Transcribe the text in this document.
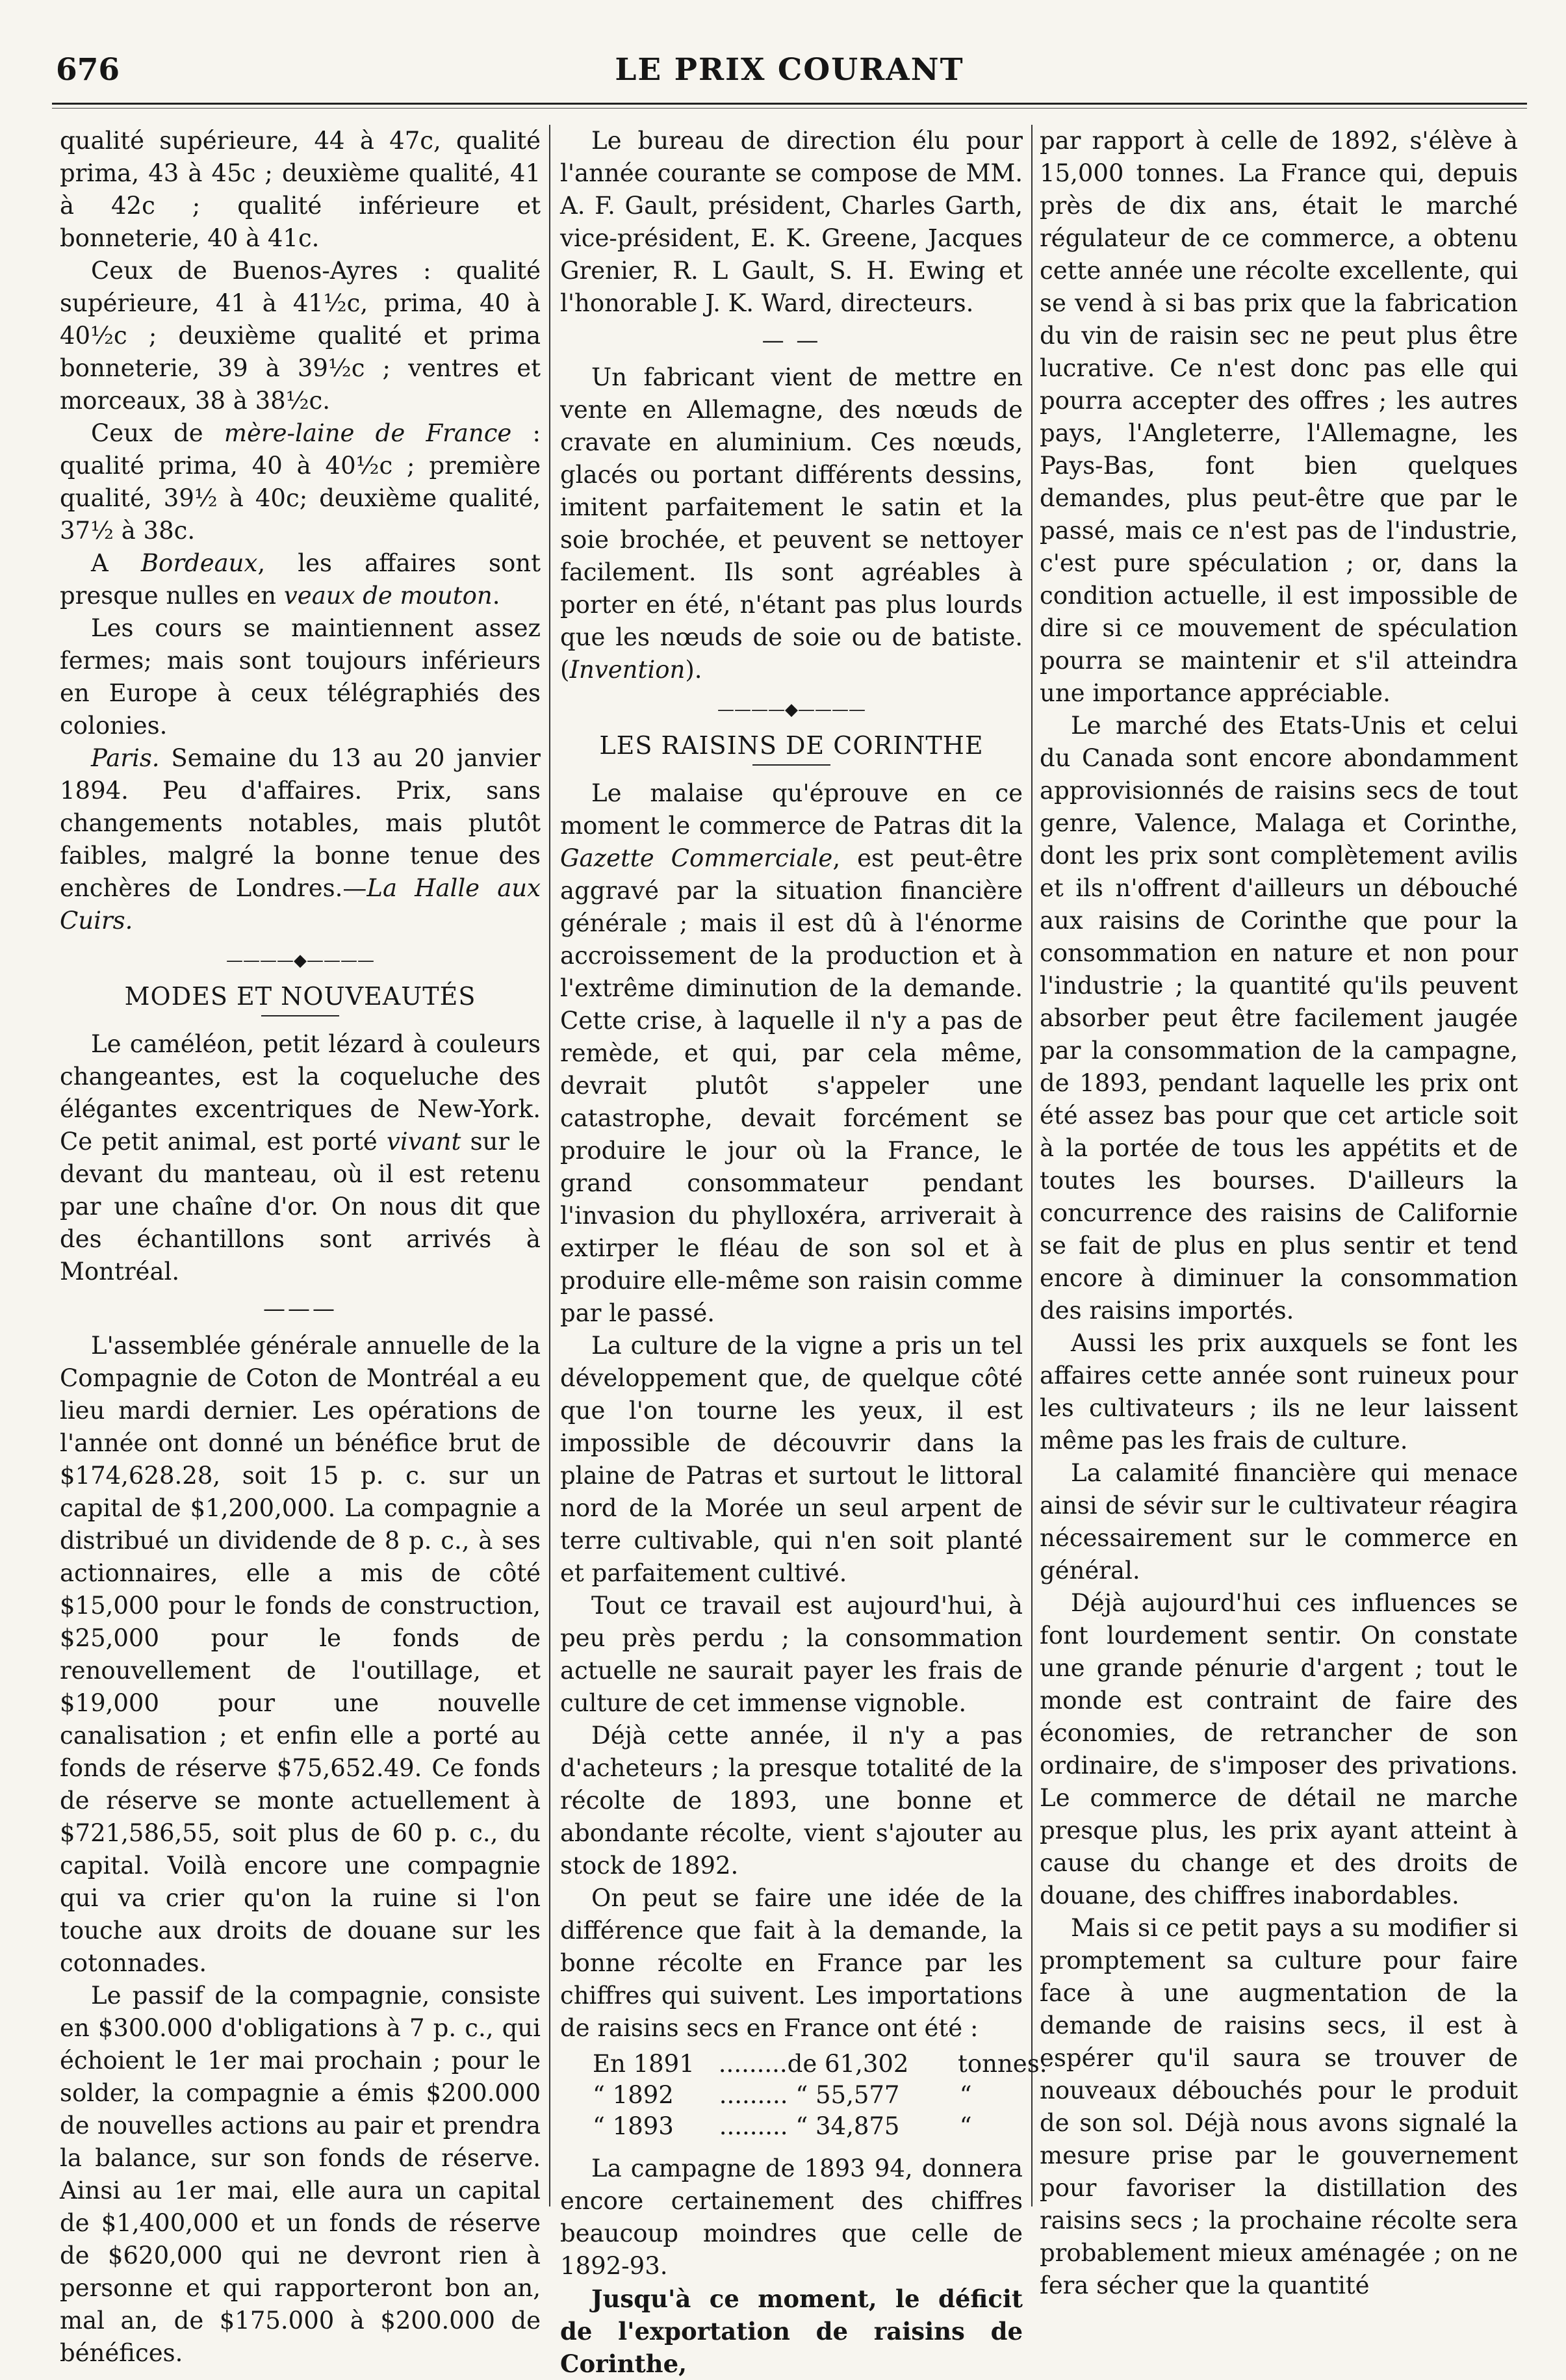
676	LE PRIX COURANT

qualité supérieure, 44 à 47c, qualité prima, 43 à 45c ; deuxième qualité, 41 à 42c ; qualité inférieure et bonneterie, 40 à 41c.

Ceux de Buenos-Ayres : qualité supérieure, 41 à 41½c, prima, 40 à 40½c ; deuxième qualité et prima bonneterie, 39 à 39½c ; ventres et morceaux, 38 à 38½c.

Ceux de mère-laine de France : qualité prima, 40 à 40½c ; première qualité, 39½ à 40c; deuxième qualité, 37½ à 38c.

A Bordeaux, les affaires sont presque nulles en veaux de mouton.

Les cours se maintiennent assez fermes; mais sont toujours inférieurs en Europe à ceux télégraphiés des colonies.

Paris. Semaine du 13 au 20 janvier 1894. Peu d'affaires. Prix, sans changements notables, mais plutôt faibles, malgré la bonne tenue des enchères de Londres.—La Halle aux Cuirs.

————◆————
MODES ET NOUVEAUTÉS

Le caméléon, petit lézard à couleurs changeantes, est la coqueluche des élégantes excentriques de New-York. Ce petit animal, est porté vivant sur le devant du manteau, où il est retenu par une chaîne d'or. On nous dit que des échantillons sont arrivés à Montréal.

———

L'assemblée générale annuelle de la Compagnie de Coton de Montréal a eu lieu mardi dernier. Les opérations de l'année ont donné un bénéfice brut de $174,628.28, soit 15 p. c. sur un capital de $1,200,000. La compagnie a distribué un dividende de 8 p. c., à ses actionnaires, elle a mis de côté $15,000 pour le fonds de construction, $25,000 pour le fonds de renouvellement de l'outillage, et $19,000 pour une nouvelle canalisation ; et enfin elle a porté au fonds de réserve $75,652.49. Ce fonds de réserve se monte actuellement à $721,586,55, soit plus de 60 p. c., du capital. Voilà encore une compagnie qui va crier qu'on la ruine si l'on touche aux droits de douane sur les cotonnades.

Le passif de la compagnie, consiste en $300.000 d'obligations à 7 p. c., qui échoient le 1er mai prochain ; pour le solder, la compagnie a émis $200.000 de nouvelles actions au pair et prendra la balance, sur son fonds de réserve. Ainsi au 1er mai, elle aura un capital de $1,400,000 et un fonds de réserve de $620,000 qui ne devront rien à personne et qui rapporteront bon an, mal an, de $175.000 à $200.000 de bénéfices.

Le bureau de direction élu pour l'année courante se compose de MM. A. F. Gault, président, Charles Garth, vice-président, E. K. Greene, Jacques Grenier, R. L Gault, S. H. Ewing et l'honorable J. K. Ward, directeurs.

— —

Un fabricant vient de mettre en vente en Allemagne, des nœuds de cravate en aluminium. Ces nœuds, glacés ou portant différents dessins, imitent parfaitement le satin et la soie brochée, et peuvent se nettoyer facilement. Ils sont agréables à porter en été, n'étant pas plus lourds que les nœuds de soie ou de batiste. (Invention).

————◆————
LES RAISINS DE CORINTHE

Le malaise qu'éprouve en ce moment le commerce de Patras dit la Gazette Commerciale, est peut-être aggravé par la situation financière générale ; mais il est dû à l'énorme accroissement de la production et à l'extrême diminution de la demande. Cette crise, à laquelle il n'y a pas de remède, et qui, par cela même, devrait plutôt s'appeler une catastrophe, devait forcément se produire le jour où la France, le grand consommateur pendant l'invasion du phylloxéra, arriverait à extirper le fléau de son sol et à produire elle-même son raisin comme par le passé.

La culture de la vigne a pris un tel développement que, de quelque côté que l'on tourne les yeux, il est impossible de découvrir dans la plaine de Patras et surtout le littoral nord de la Morée un seul arpent de terre cultivable, qui n'en soit planté et parfaitement cultivé.

Tout ce travail est aujourd'hui, à peu près perdu ; la consommation actuelle ne saurait payer les frais de culture de cet immense vignoble.

Déjà cette année, il n'y a pas d'acheteurs ; la presque totalité de la récolte de 1893, une bonne et abondante récolte, vient s'ajouter au stock de 1892.

On peut se faire une idée de la différence que fait à la demande, la bonne récolte en France par les chiffres qui suivent. Les importations de raisins secs en France ont été :

En 1891	.........de 61,302	tonnes.
“ 1892	......... “ 55,577	“
“ 1893	......... “ 34,875	“

La campagne de 1893 94, donnera encore certainement des chiffres beaucoup moindres que celle de 1892-93.

Jusqu'à ce moment, le déficit de l'exportation de raisins de Corinthe,

par rapport à celle de 1892, s'élève à 15,000 tonnes. La France qui, depuis près de dix ans, était le marché régulateur de ce commerce, a obtenu cette année une récolte excellente, qui se vend à si bas prix que la fabrication du vin de raisin sec ne peut plus être lucrative. Ce n'est donc pas elle qui pourra accepter des offres ; les autres pays, l'Angleterre, l'Allemagne, les Pays-Bas, font bien quelques demandes, plus peut-être que par le passé, mais ce n'est pas de l'industrie, c'est pure spéculation ; or, dans la condition actuelle, il est impossible de dire si ce mouvement de spéculation pourra se maintenir et s'il atteindra une importance appréciable.

Le marché des Etats-Unis et celui du Canada sont encore abondamment approvisionnés de raisins secs de tout genre, Valence, Malaga et Corinthe, dont les prix sont complètement avilis et ils n'offrent d'ailleurs un débouché aux raisins de Corinthe que pour la consommation en nature et non pour l'industrie ; la quantité qu'ils peuvent absorber peut être facilement jaugée par la consommation de la campagne, de 1893, pendant laquelle les prix ont été assez bas pour que cet article soit à la portée de tous les appétits et de toutes les bourses. D'ailleurs la concurrence des raisins de Californie se fait de plus en plus sentir et tend encore à diminuer la consommation des raisins importés.

Aussi les prix auxquels se font les affaires cette année sont ruineux pour les cultivateurs ; ils ne leur laissent même pas les frais de culture.

La calamité financière qui menace ainsi de sévir sur le cultivateur réagira nécessairement sur le commerce en général.

Déjà aujourd'hui ces influences se font lourdement sentir. On constate une grande pénurie d'argent ; tout le monde est contraint de faire des économies, de retrancher de son ordinaire, de s'imposer des privations. Le commerce de détail ne marche presque plus, les prix ayant atteint à cause du change et des droits de douane, des chiffres inabordables.

Mais si ce petit pays a su modifier si promptement sa culture pour faire face à une augmentation de la demande de raisins secs, il est à espérer qu'il saura se trouver de nouveaux débouchés pour le produit de son sol. Déjà nous avons signalé la mesure prise par le gouvernement pour favoriser la distillation des raisins secs ; la prochaine récolte sera probablement mieux aménagée ; on ne fera sécher que la quantité
